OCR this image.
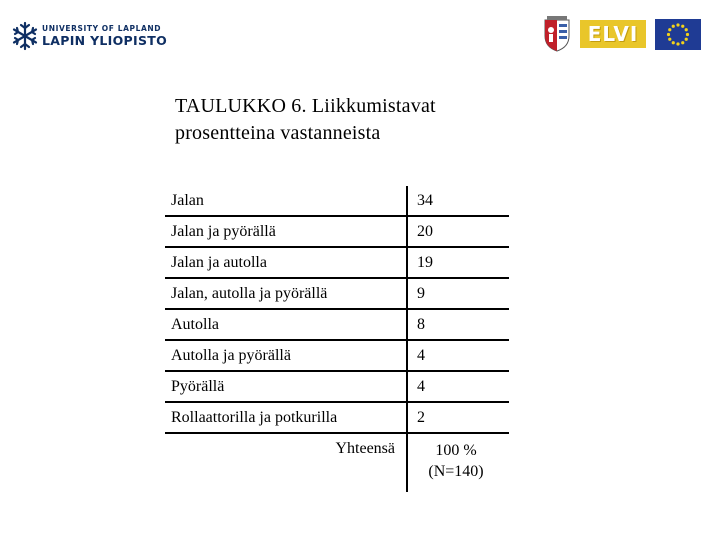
UNIVERSITY OF LAPLAND
LAPIN YLIOPISTO	ELVI
TAULUKKO 6. Liikkumistavat
prosentteina vastanneista
Jalan	34
Jalan ja pyörällä	20
Jalan ja autolla	19
Jalan, autolla ja pyörällä	9
Autolla	8
Autolla ja pyörällä	4
Pyörällä	4
Rollaattorilla ja potkurilla	2
Yhteensä	100 %
(N=140)
